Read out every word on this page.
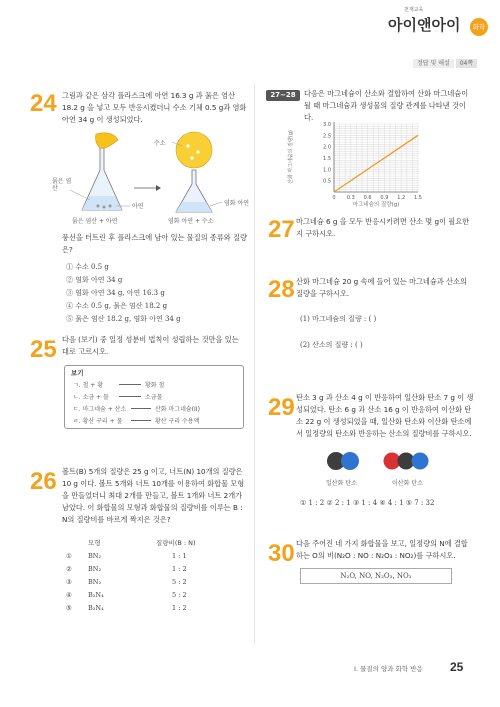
천재교육
아이앤아이	화학
정답 및 해설 04쪽
24 그림과 같은 삼각 플라스크에 아연 16.3 g 과 묽은 염산 18.2 g 을 넣고 모두 반응시켰더니 수소 기체 0.5 g과 염화 아연 34 g 이 생성되었다.
수소
묽은 염산
아연	염화 아연
묽은 염산 + 아연	염화 아연 + 수소
풍선을 터트린 후 플라스크에 남아 있는 물질의 종류와 질량은?
① 수소 0.5 g
② 염화 아연 34 g
③ 염화 아연 34 g, 아연 16.3 g
④ 수소 0.5 g, 묽은 염산 18.2 g
⑤ 묽은 염산 18.2 g, 염화 아연 34 g
25 다음 (보기) 중 일정 성분비 법칙이 성립하는 것만을 있는 대로 고르시오.
보기
ㄱ. 철 + 황	황화 철
ㄴ. 소금 + 물	소금물
ㄷ. 마그네슘 + 산소	산화 마그네슘(II)
ㄹ. 황산 구리 + 물	황산 구리 수용액
26 볼트(B) 5개의 질량은 25 g 이고, 너트(N) 10개의 질량은 10 g 이다. 볼트 5개와 너트 10개를 이용하여 화합물 모형을 만들었더니 최대 2개를 만들고, 볼트 1개와 너트 2개가 남았다. 이 화합물의 모형과 화합물의 질량비를 이루는 B : N의 질량비를 바르게 짝지은 것은?
모형	질량비(B : N)
① BN₂	1 : 1
② BN₂	1 : 2
③ BN₂	5 : 2
④ B₂N₄	5 : 2
⑤ B₂N₄	1 : 2
27~28	다음은 마그네슘이 산소와 결합하여 산화 마그네슘이 될 때 마그네슘과 생성물의 질량 관계를 나타낸 것이다.
0.5
1.0
1.5
2.0
2.5
3.0
0 0.3 0.6 0.9 1.2 1.5
산화 마그네슘의 질량(g)
마그네슘의 질량(g)
27 마그네슘 6 g 을 모두 반응시키려면 산소 몇 g이 필요한지 구하시오.
28 산화 마그네슘 20 g 속에 들어 있는 마그네슘과 산소의 질량을 구하시오.
(1) 마그네슘의 질량 : ( )
(2) 산소의 질량 : ( )
29 탄소 3 g 과 산소 4 g 이 반응하여 일산화 탄소 7 g 이 생성되었다. 탄소 6 g 과 산소 16 g 이 반응하여 이산화 탄소 22 g 이 생성되었을 때, 일산화 탄소와 이산화 탄소에서 일정량의 탄소와 반응하는 산소의 질량비를 구하시오.
일산화 탄소	이산화 탄소
① 1 : 2 ② 2 : 1 ③ 1 : 4 ④ 4 : 1 ⑤ 7 : 32
30 다음 주어진 네 가지 화합물을 보고, 일정량의 N에 결합하는 O의 비(N₂O : NO : N₂O₃ : NO₂)를 구하시오.
N₂O, NO, N₂O₃, NO₂
I. 물질의 양과 화학 반응 25
